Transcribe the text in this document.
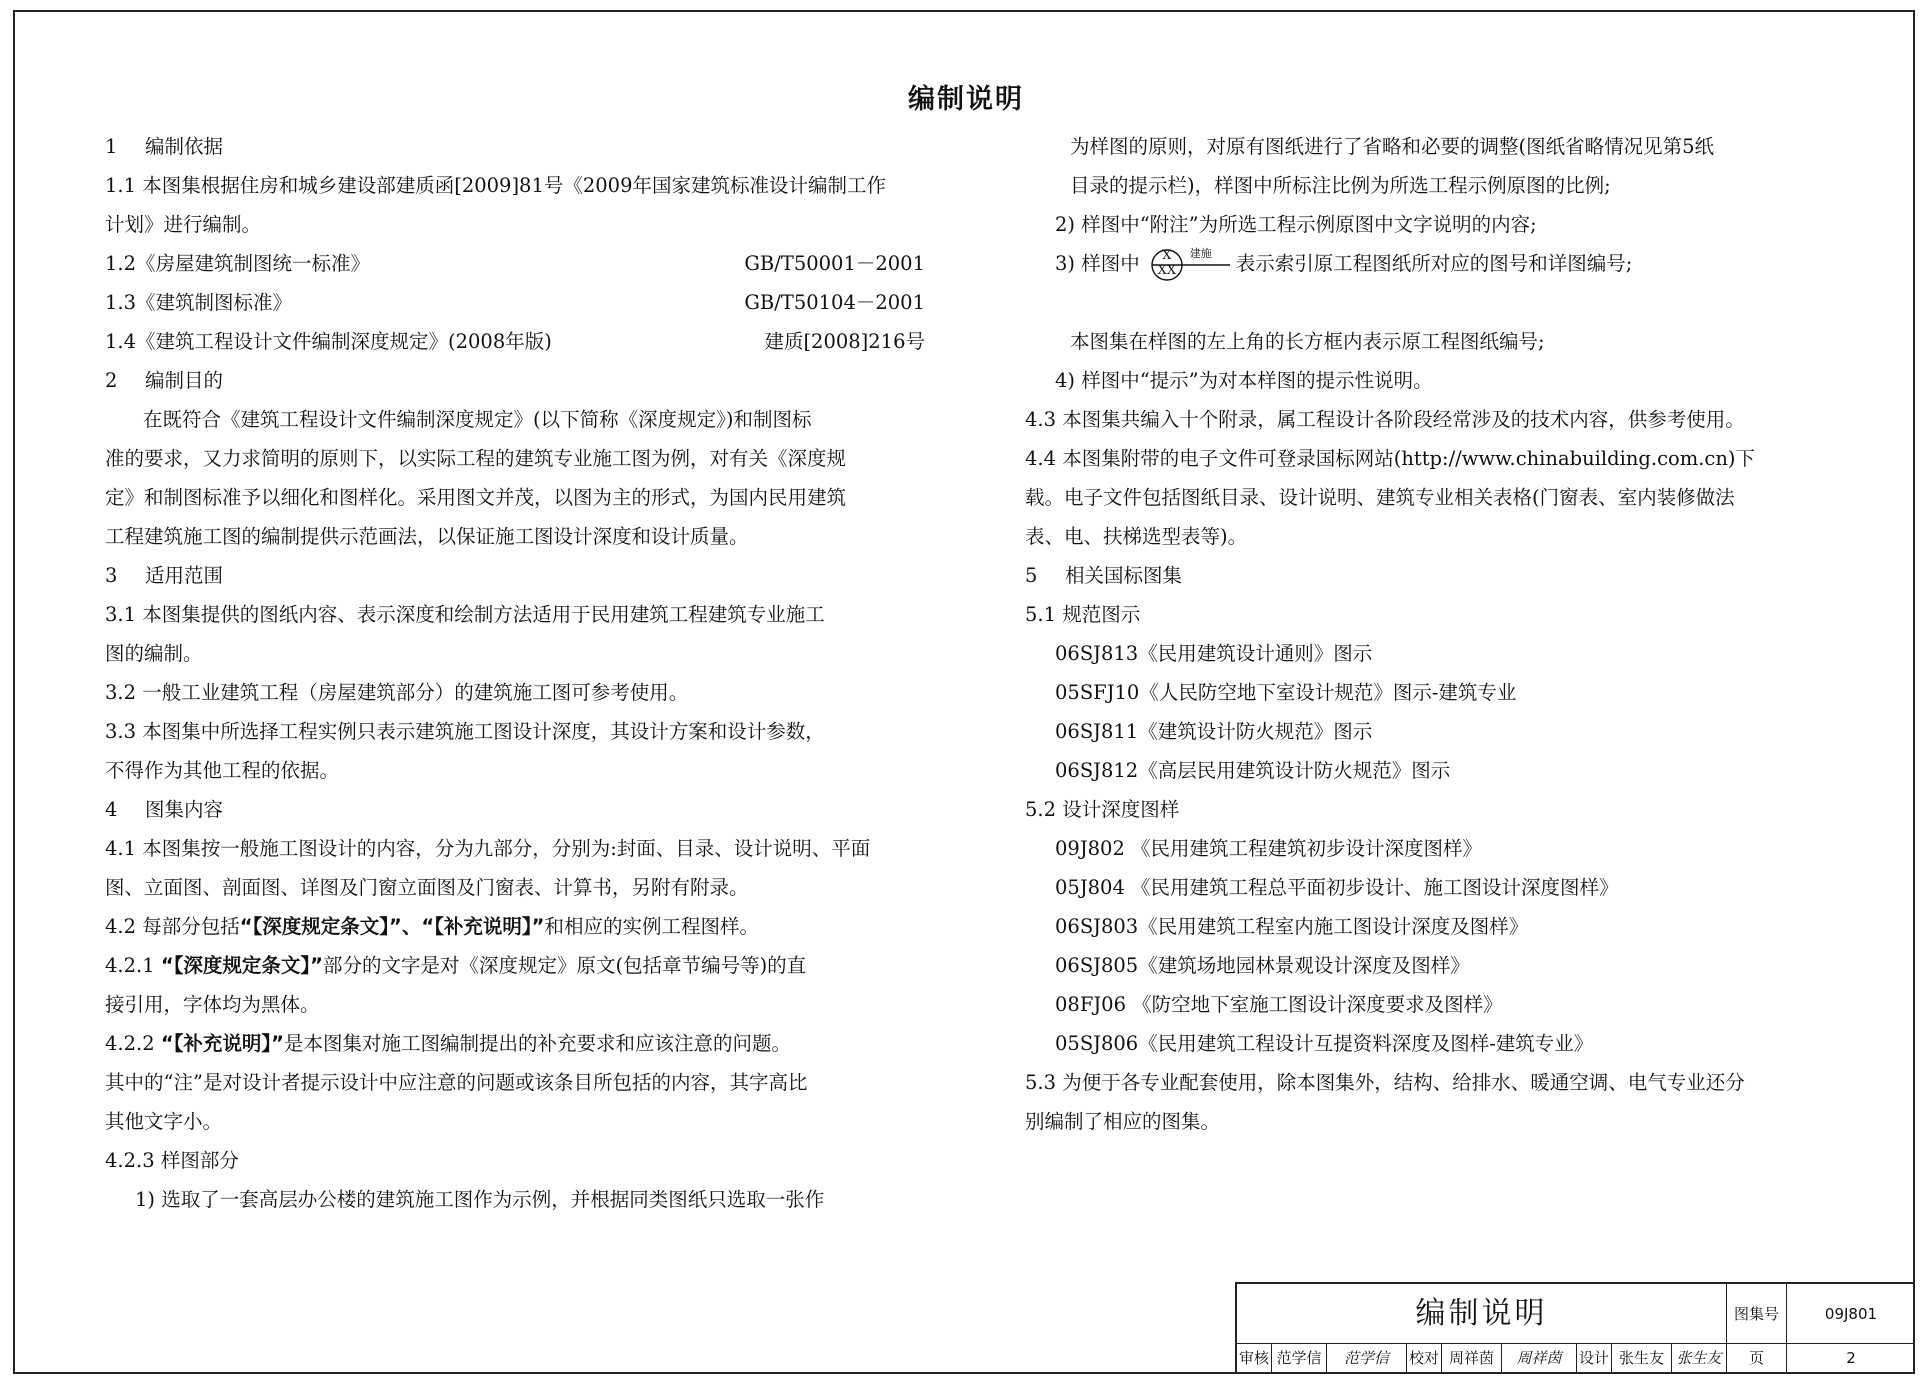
编制说明
1 编制依据
1.1 本图集根据住房和城乡建设部建质函[2009]81号《2009年国家建筑标准设计编制工作
计划》进行编制。
1.2《房屋建筑制图统一标准》	GB/T50001－2001
1.3《建筑制图标准》	GB/T50104－2001
1.4《建筑工程设计文件编制深度规定》(2008年版)	建质[2008]216号
2 编制目的
在既符合《建筑工程设计文件编制深度规定》(以下简称《深度规定》)和制图标
准的要求，又力求简明的原则下，以实际工程的建筑专业施工图为例，对有关《深度规
定》和制图标准予以细化和图样化。采用图文并茂，以图为主的形式，为国内民用建筑
工程建筑施工图的编制提供示范画法，以保证施工图设计深度和设计质量。
3 适用范围
3.1 本图集提供的图纸内容、表示深度和绘制方法适用于民用建筑工程建筑专业施工
图的编制。
3.2 一般工业建筑工程（房屋建筑部分）的建筑施工图可参考使用。
3.3 本图集中所选择工程实例只表示建筑施工图设计深度，其设计方案和设计参数，
不得作为其他工程的依据。
4 图集内容
4.1 本图集按一般施工图设计的内容，分为九部分，分别为:封面、目录、设计说明、平面
图、立面图、剖面图、详图及门窗立面图及门窗表、计算书，另附有附录。
4.2 每部分包括“【深度规定条文】”、“【补充说明】”和相应的实例工程图样。
4.2.1 “【深度规定条文】”部分的文字是对《深度规定》原文(包括章节编号等)的直
接引用，字体均为黑体。
4.2.2 “【补充说明】”是本图集对施工图编制提出的补充要求和应该注意的问题。
其中的“注”是对设计者提示设计中应注意的问题或该条目所包括的内容，其字高比
其他文字小。
4.2.3 样图部分
1) 选取了一套高层办公楼的建筑施工图作为示例，并根据同类图纸只选取一张作
为样图的原则，对原有图纸进行了省略和必要的调整(图纸省略情况见第5纸
目录的提示栏)，样图中所标注比例为所选工程示例原图的比例;
2) 样图中“附注”为所选工程示例原图中文字说明的内容;
3) 样图中	X
XX
建施 表示索引原工程图纸所对应的图号和详图编号;
本图集在样图的左上角的长方框内表示原工程图纸编号;
4) 样图中“提示”为对本样图的提示性说明。
4.3 本图集共编入十个附录，属工程设计各阶段经常涉及的技术内容，供参考使用。
4.4 本图集附带的电子文件可登录国标网站(http://www.chinabuilding.com.cn)下
载。电子文件包括图纸目录、设计说明、建筑专业相关表格(门窗表、室内装修做法
表、电、扶梯选型表等)。
5 相关国标图集
5.1 规范图示
06SJ813《民用建筑设计通则》图示
05SFJ10《人民防空地下室设计规范》图示-建筑专业
06SJ811《建筑设计防火规范》图示
06SJ812《高层民用建筑设计防火规范》图示
5.2 设计深度图样
09J802 《民用建筑工程建筑初步设计深度图样》
05J804 《民用建筑工程总平面初步设计、施工图设计深度图样》
06SJ803《民用建筑工程室内施工图设计深度及图样》
06SJ805《建筑场地园林景观设计深度及图样》
08FJ06 《防空地下室施工图设计深度要求及图样》
05SJ806《民用建筑工程设计互提资料深度及图样-建筑专业》
5.3 为便于各专业配套使用，除本图集外，结构、给排水、暖通空调、电气专业还分
别编制了相应的图集。
编制说明	图集号	09J801
审核 范学信	范学信	校对 周祥茵	周祥茵	设计 张生友 张生友	页	2
